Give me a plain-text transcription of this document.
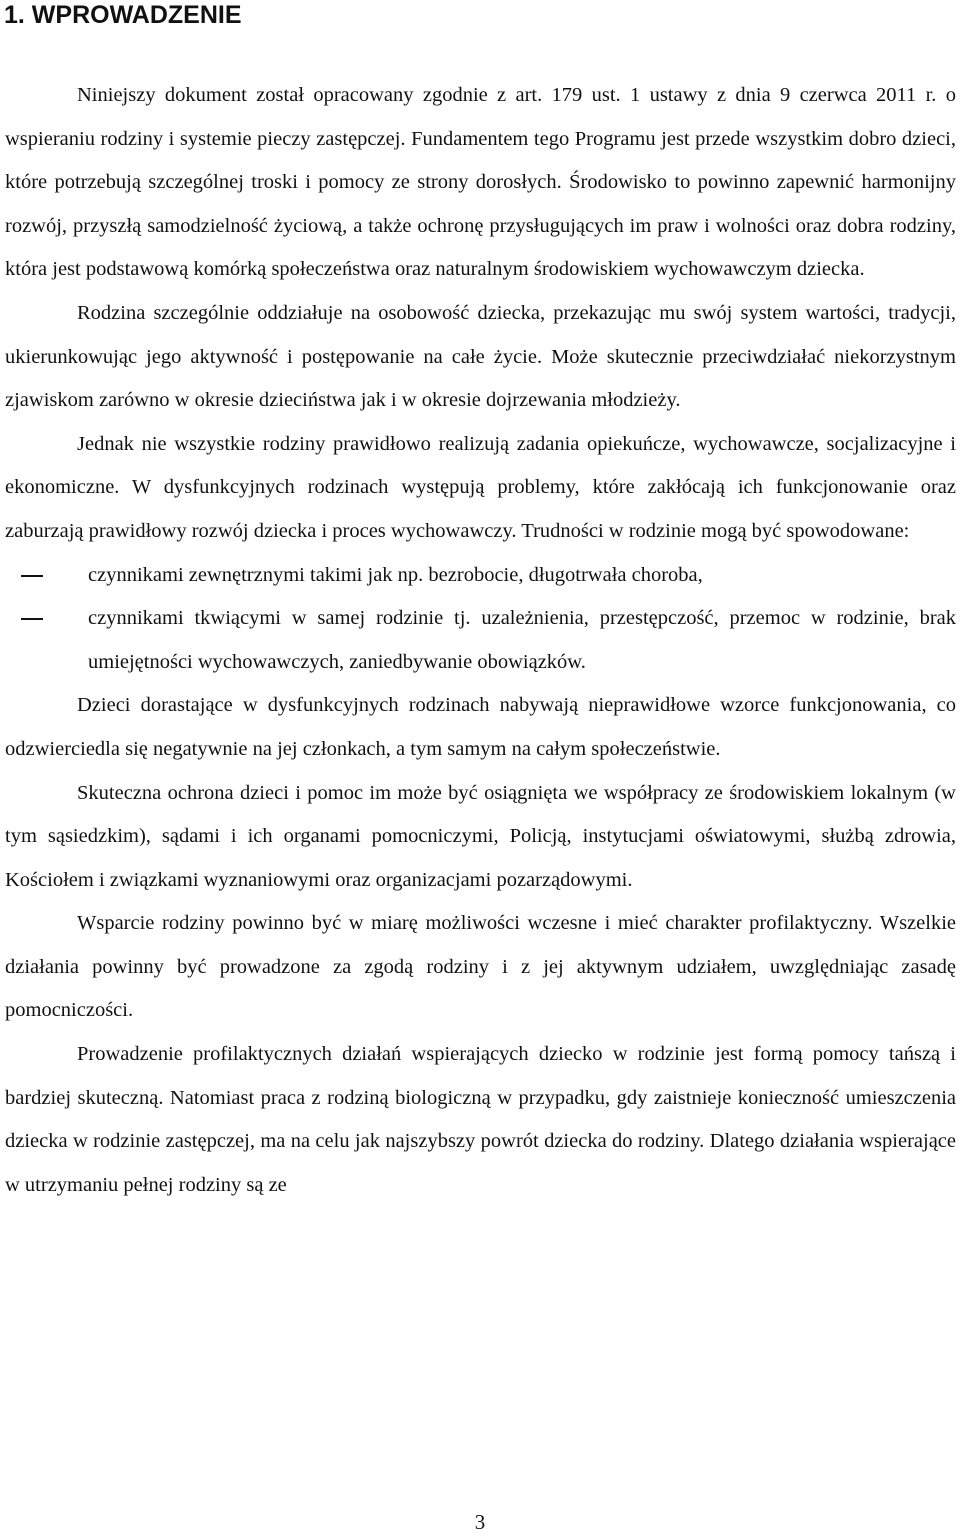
1. WPROWADZENIE

Niniejszy dokument został opracowany zgodnie z art. 179 ust. 1 ustawy z dnia 9 czerwca 2011 r. o wspieraniu rodziny i systemie pieczy zastępczej. Fundamentem tego Programu jest przede wszystkim dobro dzieci, które potrzebują szczególnej troski i pomocy ze strony dorosłych. Środowisko to powinno zapewnić harmonijny rozwój, przyszłą samodzielność życiową, a także ochronę przysługujących im praw i wolności oraz dobra rodziny, która jest podstawową komórką społeczeństwa oraz naturalnym środowiskiem wychowawczym dziecka.

Rodzina szczególnie oddziałuje na osobowość dziecka, przekazując mu swój system wartości, tradycji, ukierunkowując jego aktywność i postępowanie na całe życie. Może skutecznie przeciwdziałać niekorzystnym zjawiskom zarówno w okresie dzieciństwa jak i w okresie dojrzewania młodzieży.

Jednak nie wszystkie rodziny prawidłowo realizują zadania opiekuńcze, wychowawcze, socjalizacyjne i ekonomiczne. W dysfunkcyjnych rodzinach występują problemy, które zakłócają ich funkcjonowanie oraz zaburzają prawidłowy rozwój dziecka i proces wychowawczy. Trudności w rodzinie mogą być spowodowane:

czynnikami zewnętrznymi takimi jak np. bezrobocie, długotrwała choroba,
czynnikami tkwiącymi w samej rodzinie tj. uzależnienia, przestępczość, przemoc w rodzinie, brak umiejętności wychowawczych, zaniedbywanie obowiązków.

Dzieci dorastające w dysfunkcyjnych rodzinach nabywają nieprawidłowe wzorce funkcjonowania, co odzwierciedla się negatywnie na jej członkach, a tym samym na całym społeczeństwie.

Skuteczna ochrona dzieci i pomoc im może być osiągnięta we współpracy ze środowiskiem lokalnym (w tym sąsiedzkim), sądami i ich organami pomocniczymi, Policją, instytucjami oświatowymi, służbą zdrowia, Kościołem i związkami wyznaniowymi oraz organizacjami pozarządowymi.

Wsparcie rodziny powinno być w miarę możliwości wczesne i mieć charakter profilaktyczny. Wszelkie działania powinny być prowadzone za zgodą rodziny i z jej aktywnym udziałem, uwzględniając zasadę pomocniczości.

Prowadzenie profilaktycznych działań wspierających dziecko w rodzinie jest formą pomocy tańszą i bardziej skuteczną. Natomiast praca z rodziną biologiczną w przypadku, gdy zaistnieje konieczność umieszczenia dziecka w rodzinie zastępczej, ma na celu jak najszybszy powrót dziecka do rodziny. Dlatego działania wspierające w utrzymaniu pełnej rodziny są ze

3
